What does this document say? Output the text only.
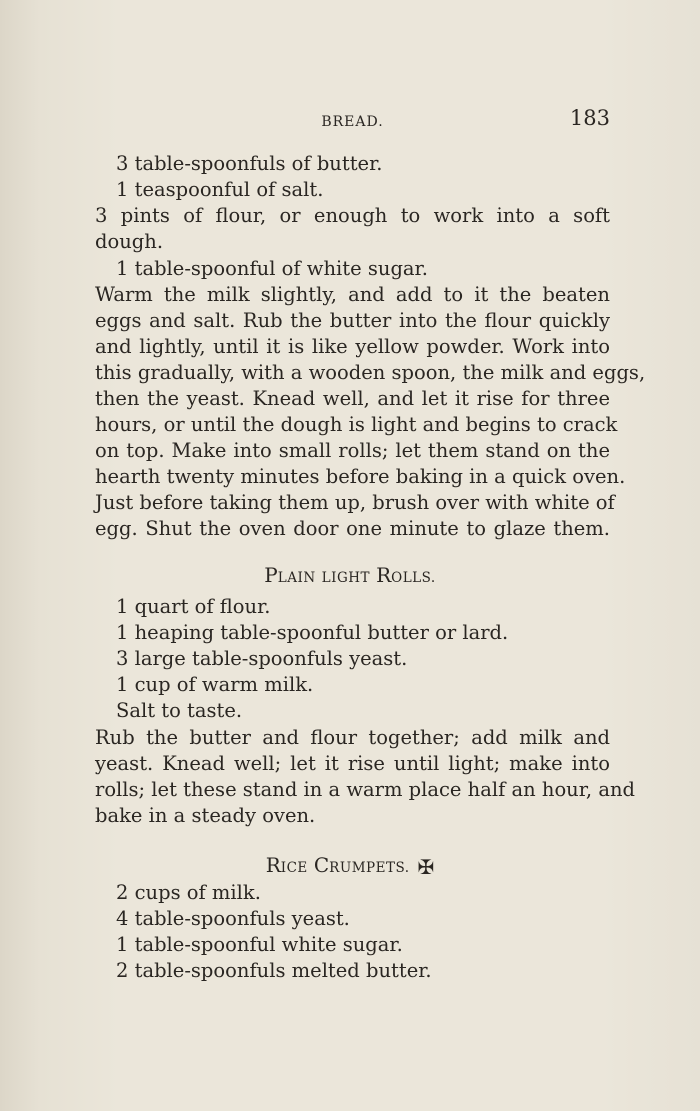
BREAD.	183
3 table-spoonfuls of butter.
1 teaspoonful of salt.
3 pints of flour, or enough to work into a soft
dough.
1 table-spoonful of white sugar.
Warm the milk slightly, and add to it the beaten
eggs and salt. Rub the butter into the flour quickly
and lightly, until it is like yellow powder. Work into
this gradually, with a wooden spoon, the milk and eggs,
then the yeast. Knead well, and let it rise for three
hours, or until the dough is light and begins to crack
on top. Make into small rolls; let them stand on the
hearth twenty minutes before baking in a quick oven.
Just before taking them up, brush over with white of
egg. Shut the oven door one minute to glaze them.
PLAIN LIGHT ROLLS.
1 quart of flour.
1 heaping table-spoonful butter or lard.
3 large table-spoonfuls yeast.
1 cup of warm milk.
Salt to taste.
Rub the butter and flour together; add milk and
yeast. Knead well; let it rise until light; make into
rolls; let these stand in a warm place half an hour, and
bake in a steady oven.
RICE CRUMPETS. ✠
2 cups of milk.
4 table-spoonfuls yeast.
1 table-spoonful white sugar.
2 table-spoonfuls melted butter.
